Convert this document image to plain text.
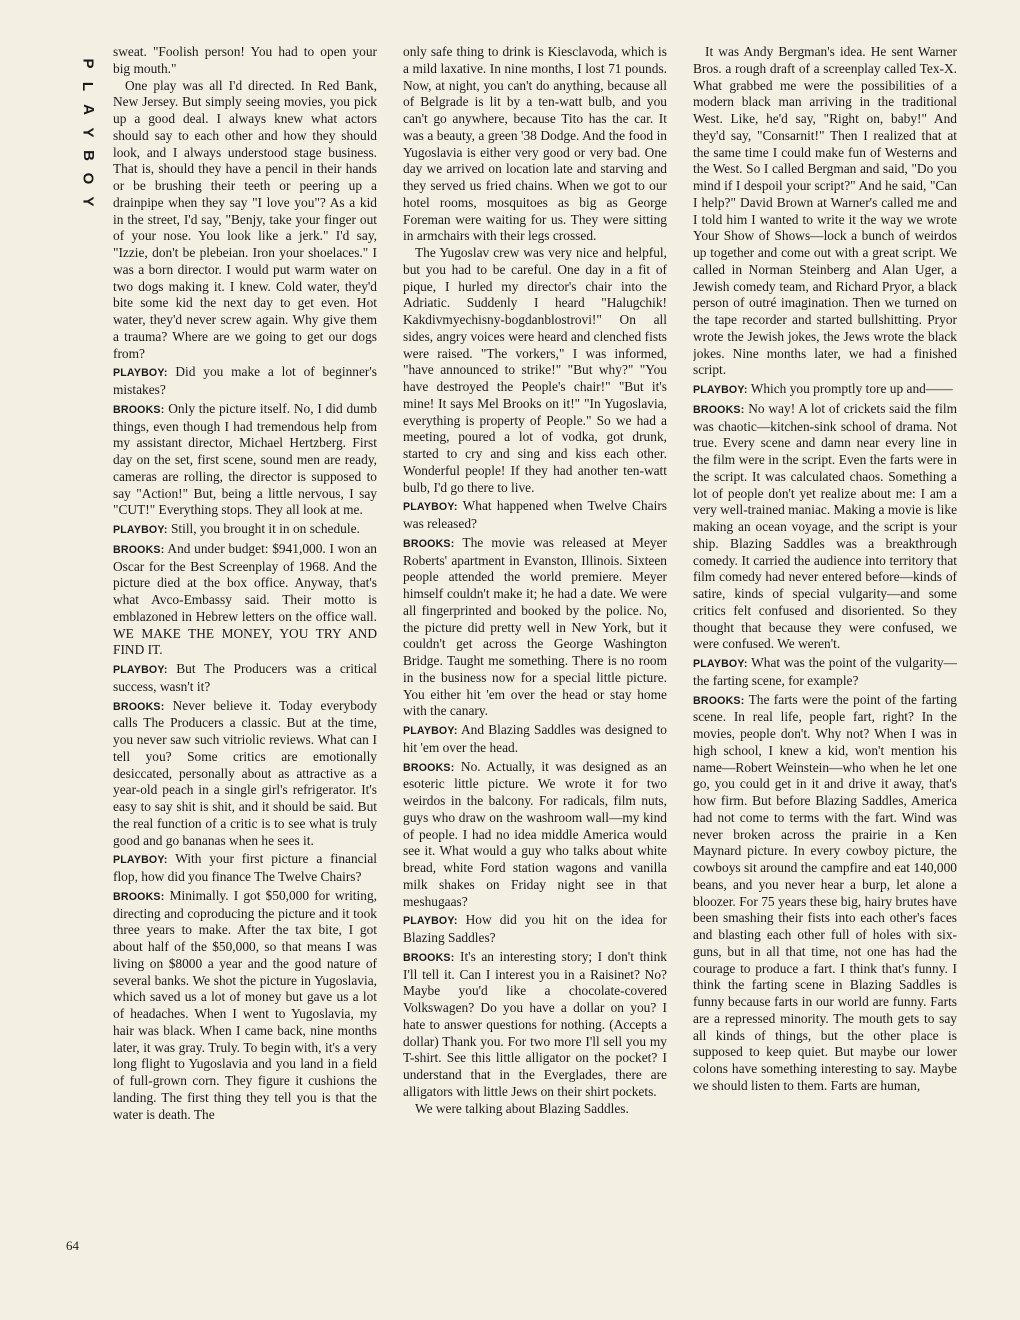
P
L
A
Y
B
O
Y

sweat. "Foolish person! You had to open your big mouth."

One play was all I'd directed. In Red Bank, New Jersey. But simply seeing movies, you pick up a good deal. I always knew what actors should say to each other and how they should look, and I always understood stage business. That is, should they have a pencil in their hands or be brushing their teeth or peering up a drainpipe when they say "I love you"? As a kid in the street, I'd say, "Benjy, take your finger out of your nose. You look like a jerk." I'd say, "Izzie, don't be plebeian. Iron your shoelaces." I was a born director. I would put warm water on two dogs making it. I knew. Cold water, they'd bite some kid the next day to get even. Hot water, they'd never screw again. Why give them a trauma? Where are we going to get our dogs from?

PLAYBOY: Did you make a lot of beginner's mistakes?

BROOKS: Only the picture itself. No, I did dumb things, even though I had tremendous help from my assistant director, Michael Hertzberg. First day on the set, first scene, sound men are ready, cameras are rolling, the director is supposed to say "Action!" But, being a little nervous, I say "CUT!" Everything stops. They all look at me.

PLAYBOY: Still, you brought it in on schedule.

BROOKS: And under budget: $941,000. I won an Oscar for the Best Screenplay of 1968. And the picture died at the box office. Anyway, that's what Avco-Embassy said. Their motto is emblazoned in Hebrew letters on the office wall. WE MAKE THE MONEY, YOU TRY AND FIND IT.

PLAYBOY: But The Producers was a critical success, wasn't it?

BROOKS: Never believe it. Today everybody calls The Producers a classic. But at the time, you never saw such vitriolic reviews. What can I tell you? Some critics are emotionally desiccated, personally about as attractive as a year-old peach in a single girl's refrigerator. It's easy to say shit is shit, and it should be said. But the real function of a critic is to see what is truly good and go bananas when he sees it.

PLAYBOY: With your first picture a financial flop, how did you finance The Twelve Chairs?

BROOKS: Minimally. I got $50,000 for writing, directing and coproducing the picture and it took three years to make. After the tax bite, I got about half of the $50,000, so that means I was living on $8000 a year and the good nature of several banks. We shot the picture in Yugoslavia, which saved us a lot of money but gave us a lot of headaches. When I went to Yugoslavia, my hair was black. When I came back, nine months later, it was gray. Truly. To begin with, it's a very long flight to Yugoslavia and you land in a field of full-grown corn. They figure it cushions the landing. The first thing they tell you is that the water is death. The

only safe thing to drink is Kiesclavoda, which is a mild laxative. In nine months, I lost 71 pounds. Now, at night, you can't do anything, because all of Belgrade is lit by a ten-watt bulb, and you can't go anywhere, because Tito has the car. It was a beauty, a green '38 Dodge. And the food in Yugoslavia is either very good or very bad. One day we arrived on location late and starving and they served us fried chains. When we got to our hotel rooms, mosquitoes as big as George Foreman were waiting for us. They were sitting in armchairs with their legs crossed.

The Yugoslav crew was very nice and helpful, but you had to be careful. One day in a fit of pique, I hurled my director's chair into the Adriatic. Suddenly I heard "Halugchik! Kakdivmyechisny-bogdanblostrovi!" On all sides, angry voices were heard and clenched fists were raised. "The vorkers," I was informed, "have announced to strike!" "But why?" "You have destroyed the People's chair!" "But it's mine! It says Mel Brooks on it!" "In Yugoslavia, everything is property of People." So we had a meeting, poured a lot of vodka, got drunk, started to cry and sing and kiss each other. Wonderful people! If they had another ten-watt bulb, I'd go there to live.

PLAYBOY: What happened when Twelve Chairs was released?

BROOKS: The movie was released at Meyer Roberts' apartment in Evanston, Illinois. Sixteen people attended the world premiere. Meyer himself couldn't make it; he had a date. We were all fingerprinted and booked by the police. No, the picture did pretty well in New York, but it couldn't get across the George Washington Bridge. Taught me something. There is no room in the business now for a special little picture. You either hit 'em over the head or stay home with the canary.

PLAYBOY: And Blazing Saddles was designed to hit 'em over the head.

BROOKS: No. Actually, it was designed as an esoteric little picture. We wrote it for two weirdos in the balcony. For radicals, film nuts, guys who draw on the washroom wall—my kind of people. I had no idea middle America would see it. What would a guy who talks about white bread, white Ford station wagons and vanilla milk shakes on Friday night see in that meshugaas?

PLAYBOY: How did you hit on the idea for Blazing Saddles?

BROOKS: It's an interesting story; I don't think I'll tell it. Can I interest you in a Raisinet? No? Maybe you'd like a chocolate-covered Volkswagen? Do you have a dollar on you? I hate to answer questions for nothing. (Accepts a dollar) Thank you. For two more I'll sell you my T-shirt. See this little alligator on the pocket? I understand that in the Everglades, there are alligators with little Jews on their shirt pockets.

We were talking about Blazing Saddles.

It was Andy Bergman's idea. He sent Warner Bros. a rough draft of a screenplay called Tex-X. What grabbed me were the possibilities of a modern black man arriving in the traditional West. Like, he'd say, "Right on, baby!" And they'd say, "Consarnit!" Then I realized that at the same time I could make fun of Westerns and the West. So I called Bergman and said, "Do you mind if I despoil your script?" And he said, "Can I help?" David Brown at Warner's called me and I told him I wanted to write it the way we wrote Your Show of Shows—lock a bunch of weirdos up together and come out with a great script. We called in Norman Steinberg and Alan Uger, a Jewish comedy team, and Richard Pryor, a black person of outré imagination. Then we turned on the tape recorder and started bullshitting. Pryor wrote the Jewish jokes, the Jews wrote the black jokes. Nine months later, we had a finished script.

PLAYBOY: Which you promptly tore up and——

BROOKS: No way! A lot of crickets said the film was chaotic—kitchen-sink school of drama. Not true. Every scene and damn near every line in the film were in the script. Even the farts were in the script. It was calculated chaos. Something a lot of people don't yet realize about me: I am a very well-trained maniac. Making a movie is like making an ocean voyage, and the script is your ship. Blazing Saddles was a breakthrough comedy. It carried the audience into territory that film comedy had never entered before—kinds of satire, kinds of special vulgarity—and some critics felt confused and disoriented. So they thought that because they were confused, we were confused. We weren't.

PLAYBOY: What was the point of the vulgarity—the farting scene, for example?

BROOKS: The farts were the point of the farting scene. In real life, people fart, right? In the movies, people don't. Why not? When I was in high school, I knew a kid, won't mention his name—Robert Weinstein—who when he let one go, you could get in it and drive it away, that's how firm. But before Blazing Saddles, America had not come to terms with the fart. Wind was never broken across the prairie in a Ken Maynard picture. In every cowboy picture, the cowboys sit around the campfire and eat 140,000 beans, and you never hear a burp, let alone a bloozer. For 75 years these big, hairy brutes have been smashing their fists into each other's faces and blasting each other full of holes with six-guns, but in all that time, not one has had the courage to produce a fart. I think that's funny. I think the farting scene in Blazing Saddles is funny because farts in our world are funny. Farts are a repressed minority. The mouth gets to say all kinds of things, but the other place is supposed to keep quiet. But maybe our lower colons have something interesting to say. Maybe we should listen to them. Farts are human,

64
